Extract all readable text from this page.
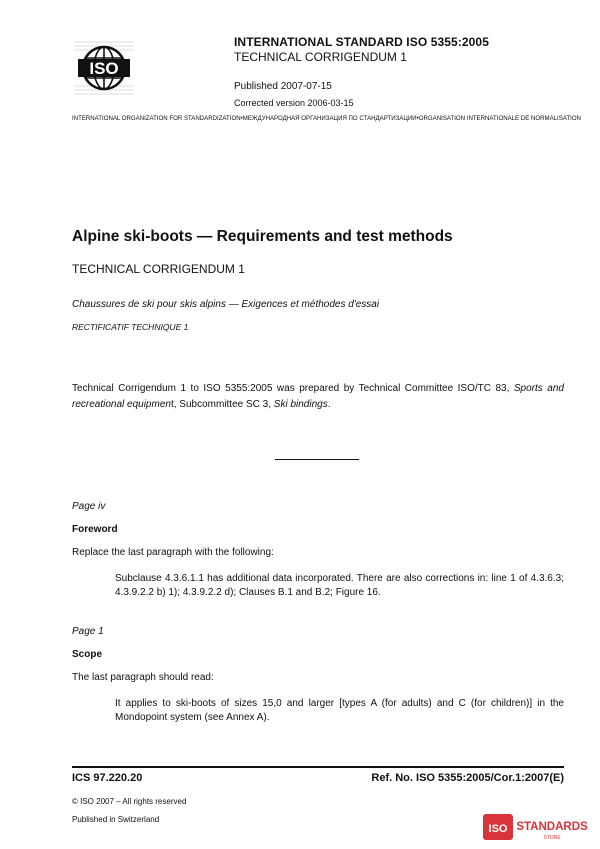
ISO
INTERNATIONAL STANDARD ISO 5355:2005
TECHNICAL CORRIGENDUM 1
Published 2007-07-15
Corrected version 2006-03-15
INTERNATIONAL ORGANIZATION FOR STANDARDIZATION • МЕЖДУНАРОДНАЯ ОРГАНИЗАЦИЯ ПО СТАНДАРТИЗАЦИИ • ORGANISATION INTERNATIONALE DE NORMALISATION
Alpine ski-boots — Requirements and test methods
TECHNICAL CORRIGENDUM 1
Chaussures de ski pour skis alpins — Exigences et méthodes d'essai
RECTIFICATIF TECHNIQUE 1
Technical Corrigendum 1 to ISO 5355:2005 was prepared by Technical Committee ISO/TC 83, Sports and recreational equipment, Subcommittee SC 3, Ski bindings.
Page iv
Foreword
Replace the last paragraph with the following:
Subclause 4.3.6.1.1 has additional data incorporated. There are also corrections in: line 1 of 4.3.6.3; 4.3.9.2.2 b) 1); 4.3.9.2.2 d); Clauses B.1 and B.2; Figure 16.
Page 1
Scope
The last paragraph should read:
It applies to ski-boots of sizes 15,0 and larger [types A (for adults) and C (for children)] in the Mondopoint system (see Annex A).
ICS 97.220.20	Ref. No. ISO 5355:2005/Cor.1:2007(E)
© ISO 2007 – All rights reserved
Published in Switzerland
ISO STANDARDS
STORE
